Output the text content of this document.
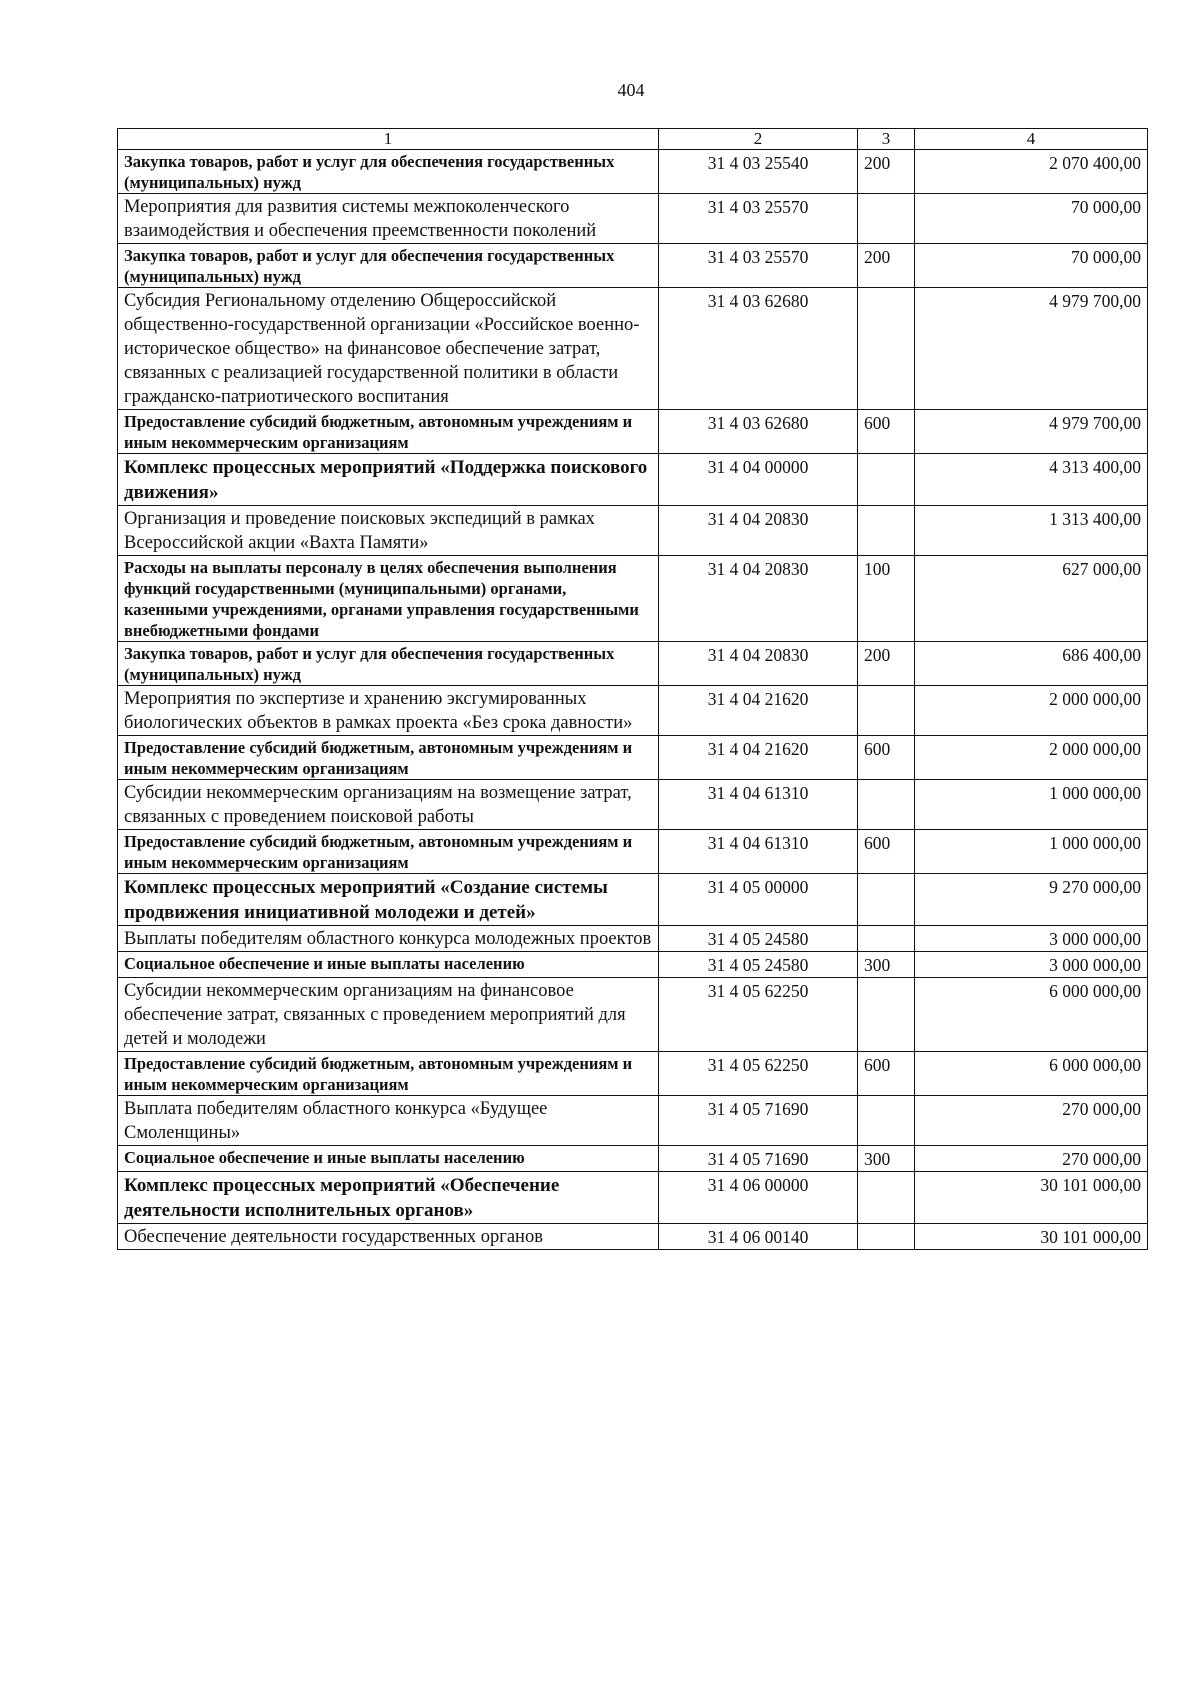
404
1	2	3	4
Закупка товаров, работ и услуг для обеспечения государственных (муниципальных) нужд	31 4 03 25540	200	2 070 400,00
Мероприятия для развития системы межпоколенческого взаимодействия и обеспечения преемственности поколений	31 4 03 25570		70 000,00
Закупка товаров, работ и услуг для обеспечения государственных (муниципальных) нужд	31 4 03 25570	200	70 000,00
Субсидия Региональному отделению Общероссийской общественно-государственной организации «Российское военно-историческое общество» на финансовое обеспечение затрат, связанных с реализацией государственной политики в области гражданско-патриотического воспитания	31 4 03 62680		4 979 700,00
Предоставление субсидий бюджетным, автономным учреждениям и иным некоммерческим организациям	31 4 03 62680	600	4 979 700,00
Комплекс процессных мероприятий «Поддержка поискового движения»	31 4 04 00000		4 313 400,00
Организация и проведение поисковых экспедиций в рамках Всероссийской акции «Вахта Памяти»	31 4 04 20830		1 313 400,00
Расходы на выплаты персоналу в целях обеспечения выполнения функций государственными (муниципальными) органами, казенными учреждениями, органами управления государственными внебюджетными фондами	31 4 04 20830	100	627 000,00
Закупка товаров, работ и услуг для обеспечения государственных (муниципальных) нужд	31 4 04 20830	200	686 400,00
Мероприятия по экспертизе и хранению эксгумированных биологических объектов в рамках проекта «Без срока давности»	31 4 04 21620		2 000 000,00
Предоставление субсидий бюджетным, автономным учреждениям и иным некоммерческим организациям	31 4 04 21620	600	2 000 000,00
Субсидии некоммерческим организациям на возмещение затрат, связанных с проведением поисковой работы	31 4 04 61310		1 000 000,00
Предоставление субсидий бюджетным, автономным учреждениям и иным некоммерческим организациям	31 4 04 61310	600	1 000 000,00
Комплекс процессных мероприятий «Создание системы продвижения инициативной молодежи и детей»	31 4 05 00000		9 270 000,00
Выплаты победителям областного конкурса молодежных проектов	31 4 05 24580		3 000 000,00
Социальное обеспечение и иные выплаты населению	31 4 05 24580	300	3 000 000,00
Субсидии некоммерческим организациям на финансовое обеспечение затрат, связанных с проведением мероприятий для детей и молодежи	31 4 05 62250		6 000 000,00
Предоставление субсидий бюджетным, автономным учреждениям и иным некоммерческим организациям	31 4 05 62250	600	6 000 000,00
Выплата победителям областного конкурса «Будущее Смоленщины»	31 4 05 71690		270 000,00
Социальное обеспечение и иные выплаты населению	31 4 05 71690	300	270 000,00
Комплекс процессных мероприятий «Обеспечение деятельности исполнительных органов»	31 4 06 00000		30 101 000,00
Обеспечение деятельности государственных органов	31 4 06 00140		30 101 000,00
